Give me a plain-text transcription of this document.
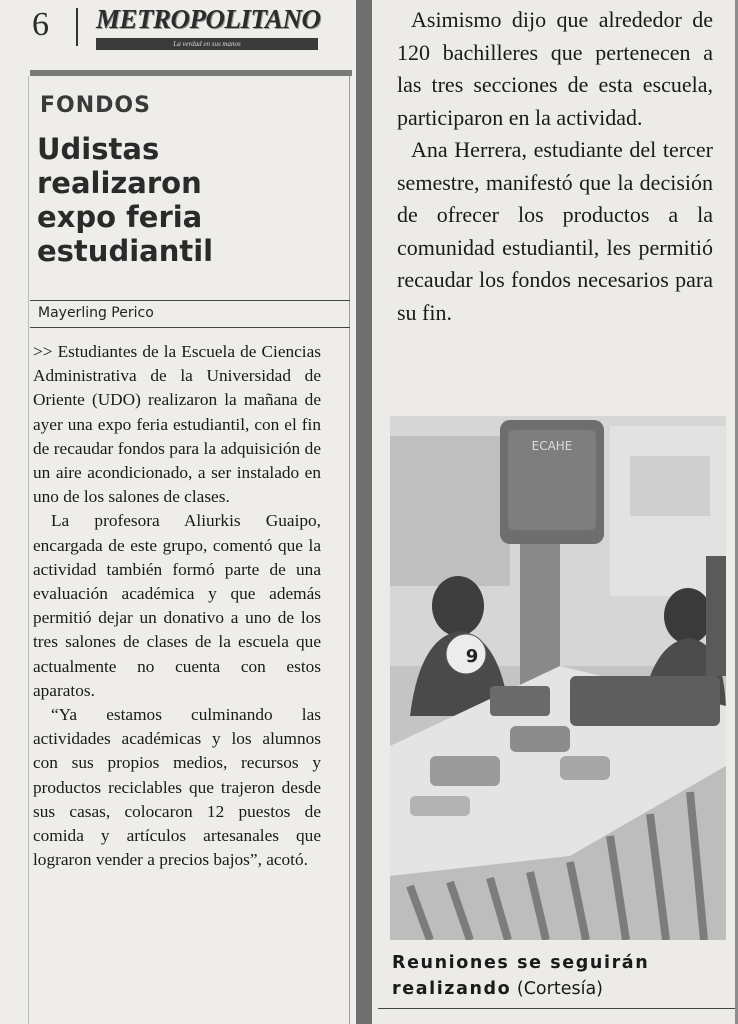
6 METROPOLITANO
La verdad en sus manos
FONDOS
Udistas
realizaron
expo feria
estudiantil
Mayerling Perico

>> Estudiantes de la Escuela de Ciencias Administrativa de la Universidad de Oriente (UDO) realizaron la mañana de ayer una expo feria estudiantil, con el fin de recaudar fondos para la adquisición de un aire acondicionado, a ser instalado en uno de los salones de clases.

La profesora Aliurkis Guaipo, encargada de este grupo, comentó que la actividad también formó parte de una evaluación académica y que además permitió dejar un donativo a uno de los tres salones de clases de la escuela que actualmente no cuenta con estos aparatos.

“Ya estamos culminando las actividades académicas y los alumnos con sus propios medios, recursos y productos reciclables que trajeron desde sus casas, colocaron 12 puestos de comida y artículos artesanales que lograron vender a precios bajos”, acotó.

Asimismo dijo que alrededor de 120 bachilleres que pertenecen a las tres secciones de esta escuela, participaron en la actividad.

Ana Herrera, estudiante del tercer semestre, manifestó que la decisión de ofrecer los productos a la comunidad estudiantil, les permitió recaudar los fondos necesarios para su fin.

ECAHE
9
Reuniones se seguirán realizando (Cortesía)
